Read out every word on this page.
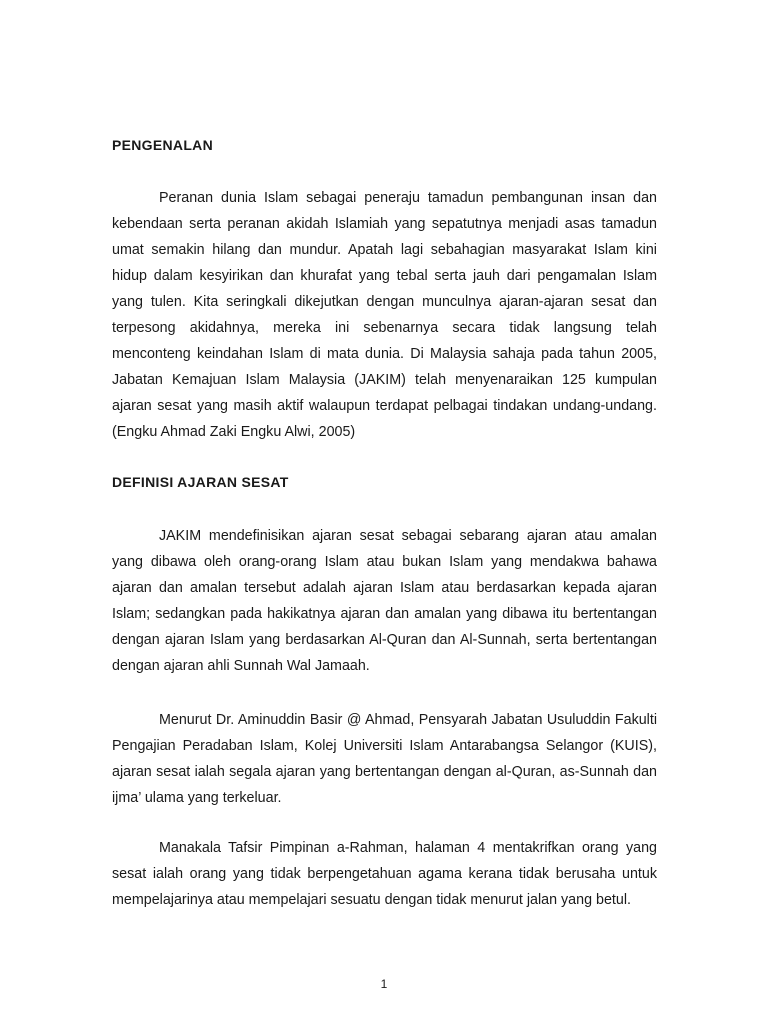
PENGENALAN

Peranan dunia Islam sebagai peneraju tamadun pembangunan insan dan kebendaan serta peranan akidah Islamiah yang sepatutnya menjadi asas tamadun umat semakin hilang dan mundur. Apatah lagi sebahagian masyarakat Islam kini hidup dalam kesyirikan dan khurafat yang tebal serta jauh dari pengamalan Islam yang tulen. Kita seringkali dikejutkan dengan munculnya ajaran-ajaran sesat dan terpesong akidahnya, mereka ini sebenarnya secara tidak langsung telah menconteng keindahan Islam di mata dunia. Di Malaysia sahaja pada tahun 2005, Jabatan Kemajuan Islam Malaysia (JAKIM) telah menyenaraikan 125 kumpulan ajaran sesat yang masih aktif walaupun terdapat pelbagai tindakan undang-undang. (Engku Ahmad Zaki Engku Alwi, 2005)

DEFINISI AJARAN SESAT

JAKIM mendefinisikan ajaran sesat sebagai sebarang ajaran atau amalan yang dibawa oleh orang-orang Islam atau bukan Islam yang mendakwa bahawa ajaran dan amalan tersebut adalah ajaran Islam atau berdasarkan kepada ajaran Islam; sedangkan pada hakikatnya ajaran dan amalan yang dibawa itu bertentangan dengan ajaran Islam yang berdasarkan Al-Quran dan Al-Sunnah, serta bertentangan dengan ajaran ahli Sunnah Wal Jamaah.

Menurut Dr. Aminuddin Basir @ Ahmad, Pensyarah Jabatan Usuluddin Fakulti Pengajian Peradaban Islam, Kolej Universiti Islam Antarabangsa Selangor (KUIS), ajaran sesat ialah segala ajaran yang bertentangan dengan al-Quran, as-Sunnah dan ijma’ ulama yang terkeluar.

Manakala Tafsir Pimpinan a-Rahman, halaman 4 mentakrifkan orang yang sesat ialah orang yang tidak berpengetahuan agama kerana tidak berusaha untuk mempelajarinya atau mempelajari sesuatu dengan tidak menurut jalan yang betul.

1
